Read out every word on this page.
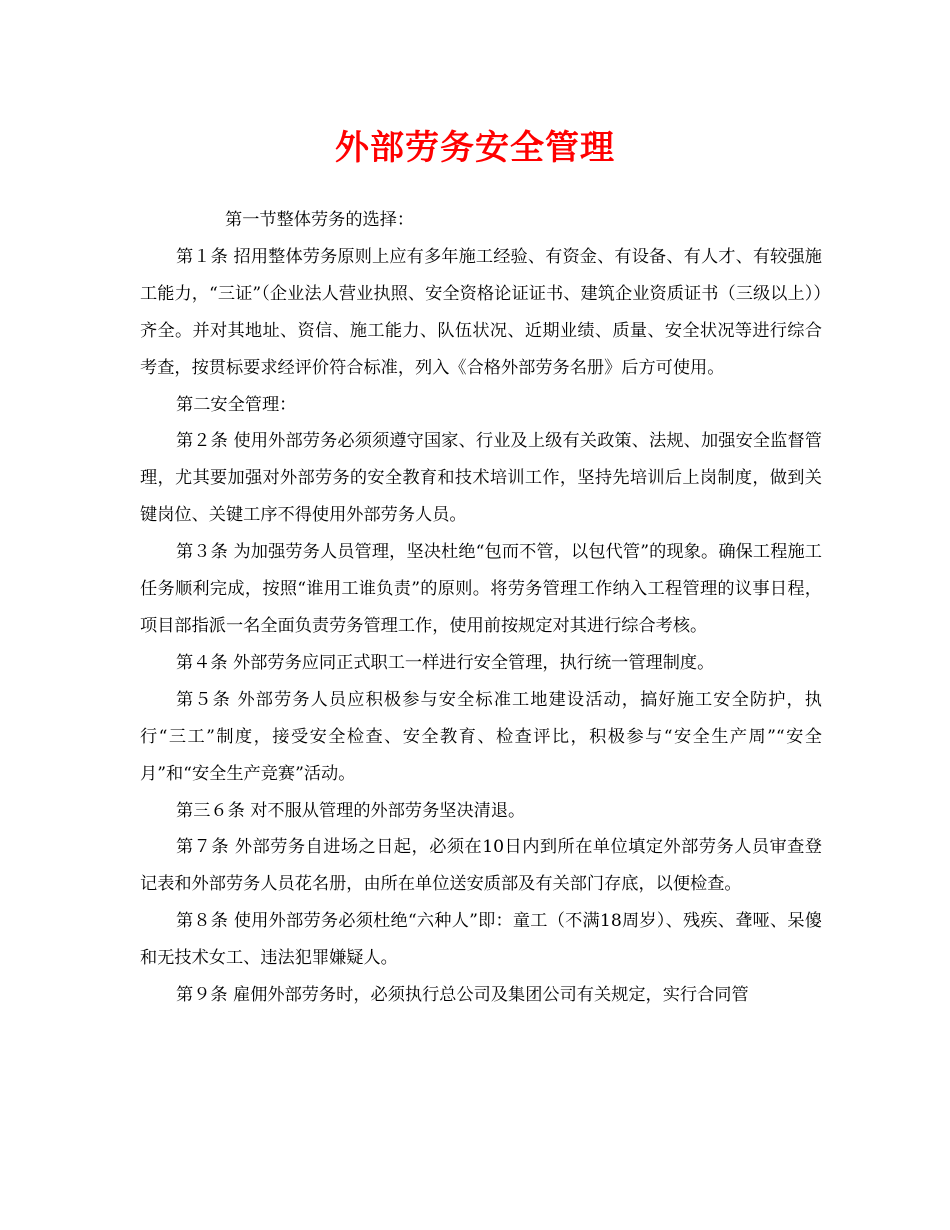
外部劳务安全管理

第一节整体劳务的选择：

第１条 招用整体劳务原则上应有多年施工经验、有资金、有设备、有人才、有较强施工能力，“三证”（企业法人营业执照、安全资格论证证书、建筑企业资质证书（三级以上））齐全。并对其地址、资信、施工能力、队伍状况、近期业绩、质量、安全状况等进行综合考查，按贯标要求经评价符合标准，列入《合格外部劳务名册》后方可使用。

第二安全管理：

第２条 使用外部劳务必须须遵守国家、行业及上级有关政策、法规、加强安全监督管理，尤其要加强对外部劳务的安全教育和技术培训工作，坚持先培训后上岗制度，做到关键岗位、关键工序不得使用外部劳务人员。

第３条 为加强劳务人员管理，坚决杜绝“包而不管，以包代管”的现象。确保工程施工任务顺利完成，按照“谁用工谁负责”的原则。将劳务管理工作纳入工程管理的议事日程，项目部指派一名全面负责劳务管理工作，使用前按规定对其进行综合考核。

第４条 外部劳务应同正式职工一样进行安全管理，执行统一管理制度。

第５条 外部劳务人员应积极参与安全标准工地建设活动，搞好施工安全防护，执行“三工”制度，接受安全检查、安全教育、检查评比，积极参与“安全生产周”“安全月”和“安全生产竞赛”活动。

第三６条 对不服从管理的外部劳务坚决清退。

第７条 外部劳务自进场之日起，必须在10日内到所在单位填定外部劳务人员审查登记表和外部劳务人员花名册，由所在单位送安质部及有关部门存底，以便检查。

第８条 使用外部劳务必须杜绝“六种人”即：童工（不满18周岁）、残疾、聋哑、呆傻和无技术女工、违法犯罪嫌疑人。

第９条 雇佣外部劳务时，必须执行总公司及集团公司有关规定，实行合同管
